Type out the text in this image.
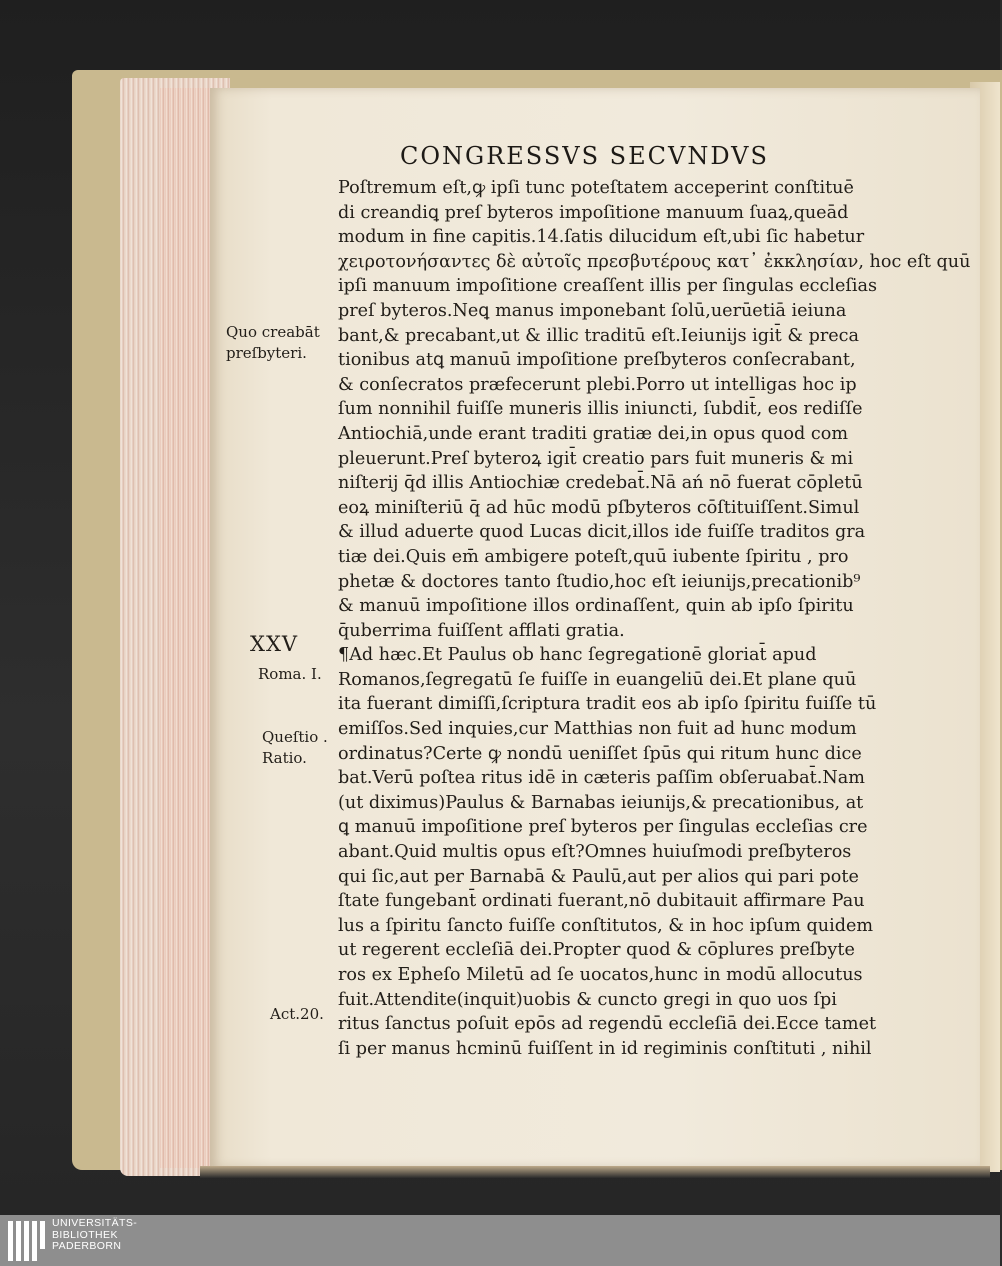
CONGRESSVS SECVNDVS
Poſtremum eſt,ꝙ ipſi tunc poteſtatem acceperint conſtituē
di creandiꝗ preſ byteros impoſitione manuum ſuaꝝ,queād
modum in fine capitis.14.ſatis dilucidum eſt,ubi ſic habetur
χειροτονήσαντες δὲ αὐτοῖς πρεσβυτέρους κατ᾽ ἐκκλησίαν, hoc eſt quū
ipſi manuum impoſitione creaſſent illis per ſingulas eccleſias
preſ byteros.Neꝗ manus imponebant ſolū,uerūetiā ieiuna
bant,& precabant,ut & illic traditū eſt.Ieiunijs igit̄ & preca
tionibus atꝗ manuū impoſitione preſbyteros conſecrabant,
& conſecratos præfecerunt plebi.Porro ut intelligas hoc ip
ſum nonnihil fuiſſe muneris illis iniuncti, ſubdit̄, eos rediſſe
Antiochiā,unde erant traditi gratiæ dei,in opus quod com
pleuerunt.Preſ byteroꝝ igit̄ creatio pars fuit muneris & mi
niſterij q̄d illis Antiochiæ credebat̄.Nā ań nō fuerat cōpletū
eoꝝ miniſteriū q̄ ad hūc modū pſbyteros cōſtituiſſent.Simul
& illud aduerte quod Lucas dicit,illos ide fuiſſe traditos gra
tiæ dei.Quis em̄ ambigere poteſt,quū iubente ſpiritu , pro
phetæ & doctores tanto ſtudio,hoc eſt ieiunijs,precationib⁹
& manuū impoſitione illos ordinaſſent, quin ab ipſo ſpiritu
q̄uberrima fuiſſent afflati gratia.
¶Ad hæc.Et Paulus ob hanc ſegregationē gloriat̄ apud
Romanos,ſegregatū ſe fuiſſe in euangeliū dei.Et plane quū
ita fuerant dimiſſi,ſcriptura tradit eos ab ipſo ſpiritu fuiſſe tū
emiſſos.Sed inquies,cur Matthias non fuit ad hunc modum
ordinatus?Certe ꝙ nondū ueniſſet ſpūs qui ritum hunc dice
bat.Verū poſtea ritus idē in cæteris paſſim obſeruabat̄.Nam
(ut diximus)Paulus & Barnabas ieiunijs,& precationibus, at
ꝗ manuū impoſitione preſ byteros per ſingulas eccleſias cre
abant.Quid multis opus eſt?Omnes huiuſmodi preſbyteros
qui ſic,aut per Barnabā & Paulū,aut per alios qui pari pote
ſtate fungebant̄ ordinati fuerant,nō dubitauit affirmare Pau
lus a ſpiritu ſancto fuiſſe conſtitutos, & in hoc ipſum quidem
ut regerent eccleſiā dei.Propter quod & cōplures preſbyte
ros ex Epheſo Miletū ad ſe uocatos,hunc in modū allocutus
fuit.Attendite(inquit)uobis & cuncto gregi in quo uos ſpi
ritus ſanctus poſuit epōs ad regendū eccleſiā dei.Ecce tamet
ſi per manus hcminū fuiſſent in id regiminis conſtituti , nihil
Quo creabāt
preſbyteri.
XXV
Roma. I.
Queſtio .
Ratio.
Act.20.
UNIVERSITÄTS-
BIBLIOTHEK
PADERBORN
